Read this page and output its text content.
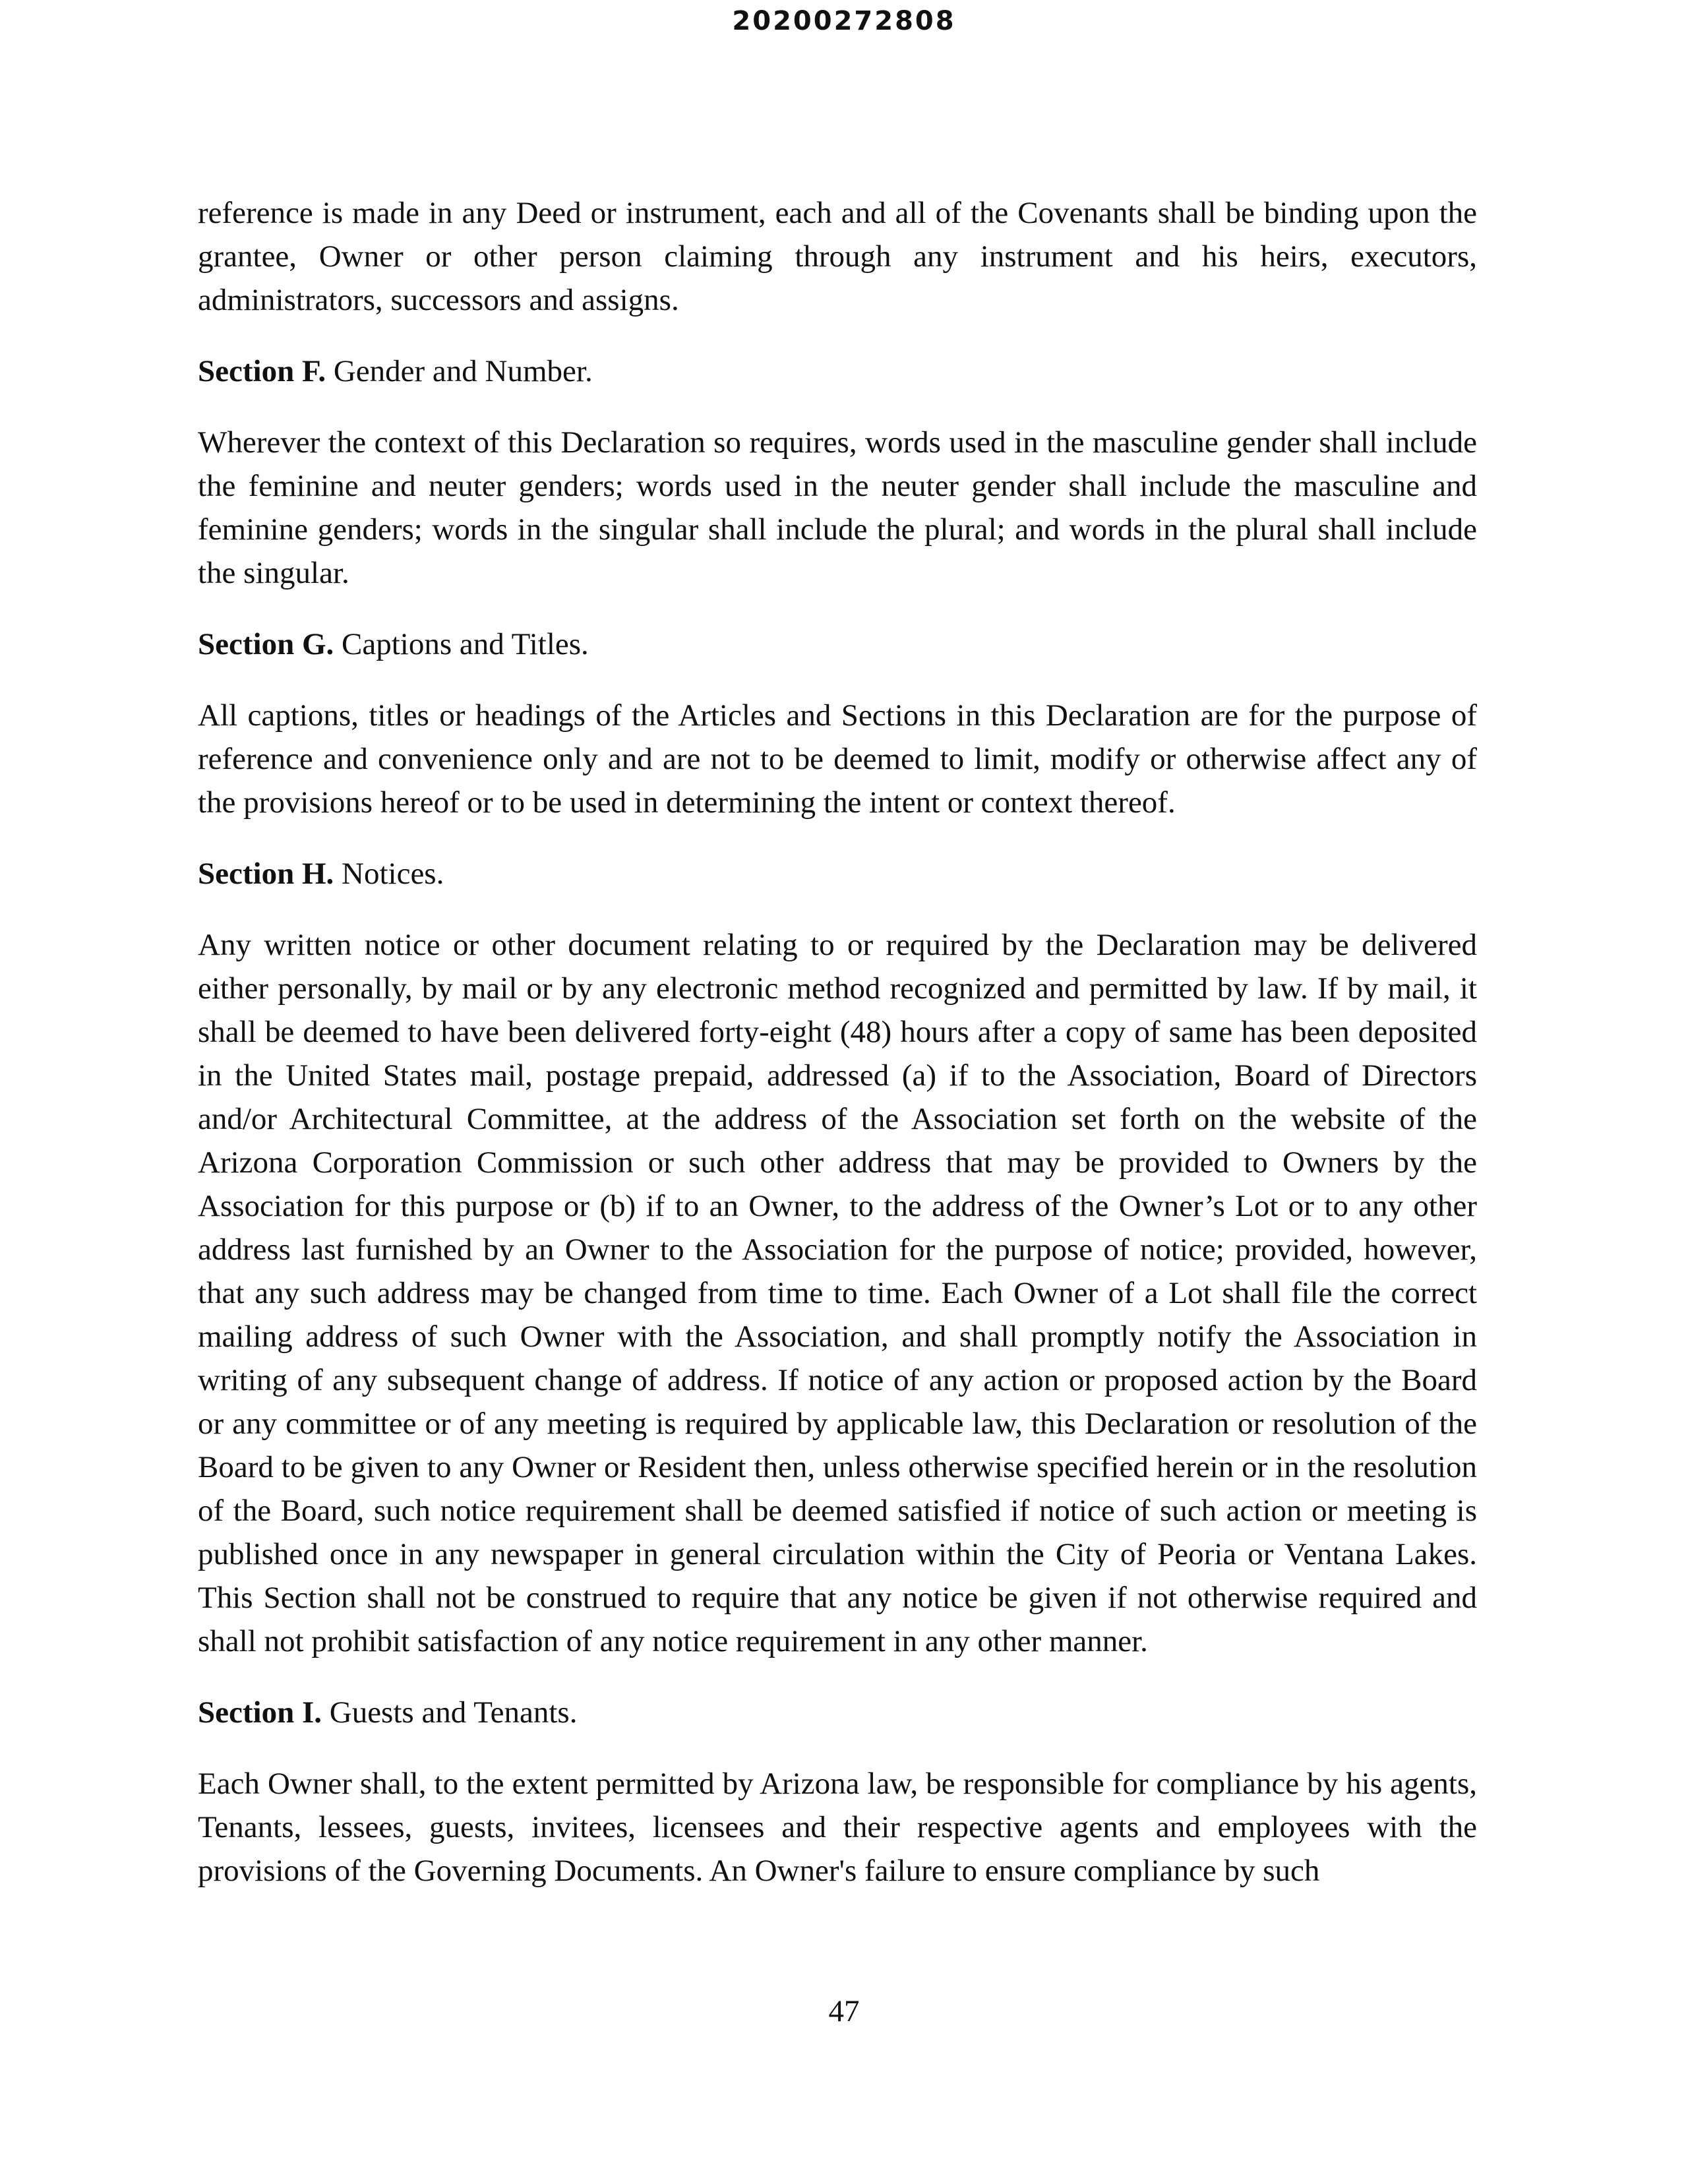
20200272808

reference is made in any Deed or instrument, each and all of the Covenants shall be binding upon the grantee, Owner or other person claiming through any instrument and his heirs, executors, administrators, successors and assigns.

Section F. Gender and Number.

Wherever the context of this Declaration so requires, words used in the masculine gender shall include the feminine and neuter genders; words used in the neuter gender shall include the masculine and feminine genders; words in the singular shall include the plural; and words in the plural shall include the singular.

Section G. Captions and Titles.

All captions, titles or headings of the Articles and Sections in this Declaration are for the purpose of reference and convenience only and are not to be deemed to limit, modify or otherwise affect any of the provisions hereof or to be used in determining the intent or context thereof.

Section H. Notices.

Any written notice or other document relating to or required by the Declaration may be delivered either personally, by mail or by any electronic method recognized and permitted by law. If by mail, it shall be deemed to have been delivered forty-eight (48) hours after a copy of same has been deposited in the United States mail, postage prepaid, addressed (a) if to the Association, Board of Directors and/or Architectural Committee, at the address of the Association set forth on the website of the Arizona Corporation Commission or such other address that may be provided to Owners by the Association for this purpose or (b) if to an Owner, to the address of the Owner’s Lot or to any other address last furnished by an Owner to the Association for the purpose of notice; provided, however, that any such address may be changed from time to time. Each Owner of a Lot shall file the correct mailing address of such Owner with the Association, and shall promptly notify the Association in writing of any subsequent change of address. If notice of any action or proposed action by the Board or any committee or of any meeting is required by applicable law, this Declaration or resolution of the Board to be given to any Owner or Resident then, unless otherwise specified herein or in the resolution of the Board, such notice requirement shall be deemed satisfied if notice of such action or meeting is published once in any newspaper in general circulation within the City of Peoria or Ventana Lakes. This Section shall not be construed to require that any notice be given if not otherwise required and shall not prohibit satisfaction of any notice requirement in any other manner.

Section I. Guests and Tenants.

Each Owner shall, to the extent permitted by Arizona law, be responsible for compliance by his agents, Tenants, lessees, guests, invitees, licensees and their respective agents and employees with the provisions of the Governing Documents. An Owner's failure to ensure compliance by such

47
